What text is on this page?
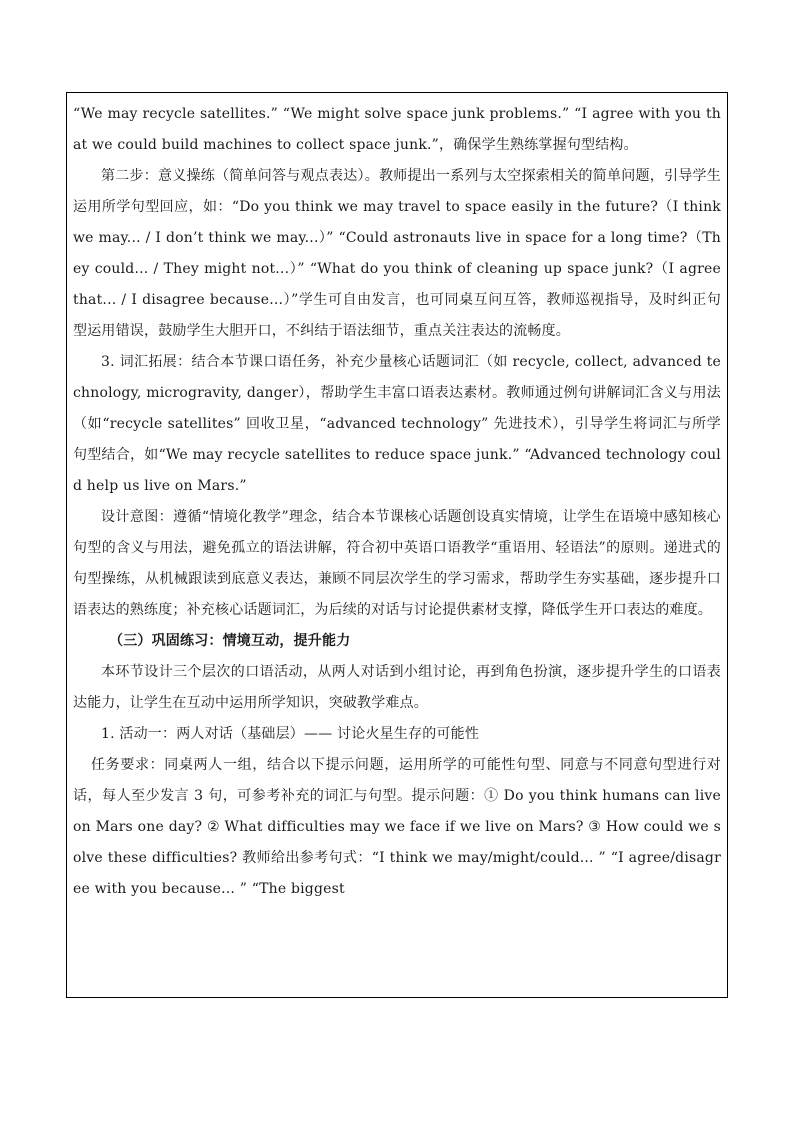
“We may recycle satellites.” “We might solve space junk problems.” “I agree with you that we could build machines to collect space junk.”，确保学生熟练掌握句型结构。

第二步：意义操练（简单问答与观点表达）。教师提出一系列与太空探索相关的简单问题，引导学生运用所学句型回应，如：“Do you think we may travel to space easily in the future?（I think we may... / I don’t think we may...）” “Could astronauts live in space for a long time?（They could... / They might not...）” “What do you think of cleaning up space junk?（I agree that... / I disagree because...）”学生可自由发言，也可同桌互问互答，教师巡视指导，及时纠正句型运用错误，鼓励学生大胆开口，不纠结于语法细节，重点关注表达的流畅度。

3. 词汇拓展：结合本节课口语任务，补充少量核心话题词汇（如 recycle, collect, advanced technology, microgravity, danger），帮助学生丰富口语表达素材。教师通过例句讲解词汇含义与用法（如“recycle satellites” 回收卫星，“advanced technology” 先进技术），引导学生将词汇与所学句型结合，如“We may recycle satellites to reduce space junk.” “Advanced technology could help us live on Mars.”

设计意图：遵循“情境化教学”理念，结合本节课核心话题创设真实情境，让学生在语境中感知核心句型的含义与用法，避免孤立的语法讲解，符合初中英语口语教学“重语用、轻语法”的原则。递进式的句型操练，从机械跟读到底意义表达，兼顾不同层次学生的学习需求，帮助学生夯实基础，逐步提升口语表达的熟练度；补充核心话题词汇，为后续的对话与讨论提供素材支撑，降低学生开口表达的难度。

（三）巩固练习：情境互动，提升能力

本环节设计三个层次的口语活动，从两人对话到小组讨论，再到角色扮演，逐步提升学生的口语表达能力，让学生在互动中运用所学知识，突破教学难点。

1. 活动一：两人对话（基础层）—— 讨论火星生存的可能性

任务要求：同桌两人一组，结合以下提示问题，运用所学的可能性句型、同意与不同意句型进行对话，每人至少发言 3 句，可参考补充的词汇与句型。提示问题：① Do you think humans can live on Mars one day? ② What difficulties may we face if we live on Mars? ③ How could we solve these difficulties? 教师给出参考句式：“I think we may/might/could... ” “I agree/disagree with you because... ” “The biggest
